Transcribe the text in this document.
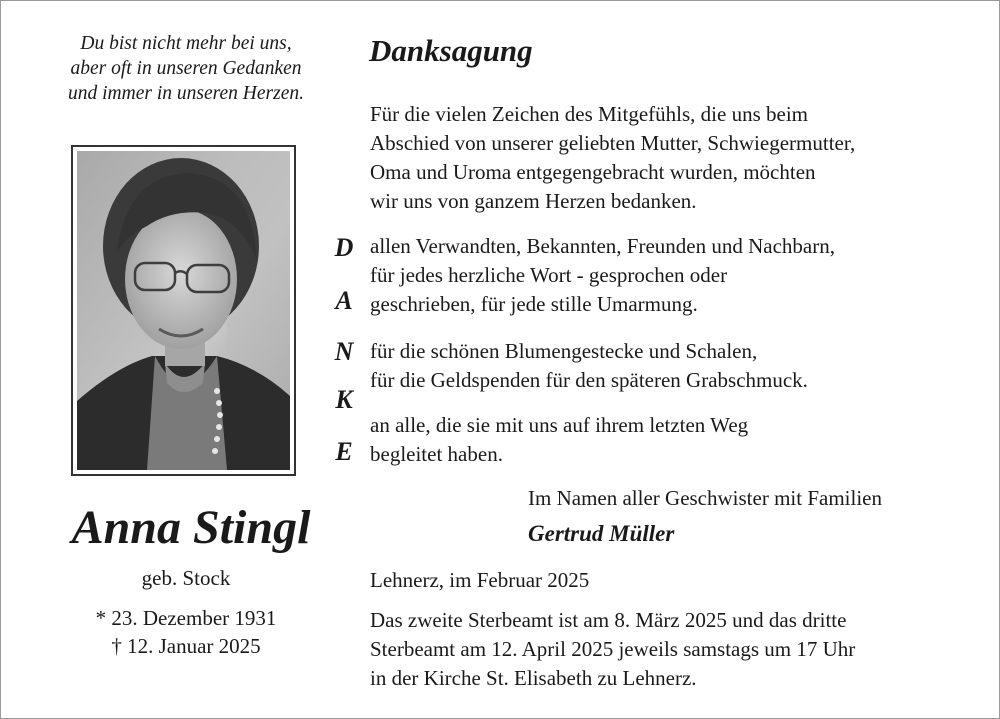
Du bist nicht mehr bei uns,
aber oft in unseren Gedanken
und immer in unseren Herzen.
Anna Stingl
geb. Stock
* 23. Dezember 1931
† 12. Januar 2025
Danksagung
Für die vielen Zeichen des Mitgefühls, die uns beim
Abschied von unserer geliebten Mutter, Schwiegermutter,
Oma und Uroma entgegengebracht wurden, möchten
wir uns von ganzem Herzen bedanken.
D
A
N
K
E
allen Verwandten, Bekannten, Freunden und Nachbarn,
für jedes herzliche Wort - gesprochen oder
geschrieben, für jede stille Umarmung.
für die schönen Blumengestecke und Schalen,
für die Geldspenden für den späteren Grabschmuck.
an alle, die sie mit uns auf ihrem letzten Weg
begleitet haben.
Im Namen aller Geschwister mit Familien
Gertrud Müller
Lehnerz, im Februar 2025
Das zweite Sterbeamt ist am 8. März 2025 und das dritte
Sterbeamt am 12. April 2025 jeweils samstags um 17 Uhr
in der Kirche St. Elisabeth zu Lehnerz.
